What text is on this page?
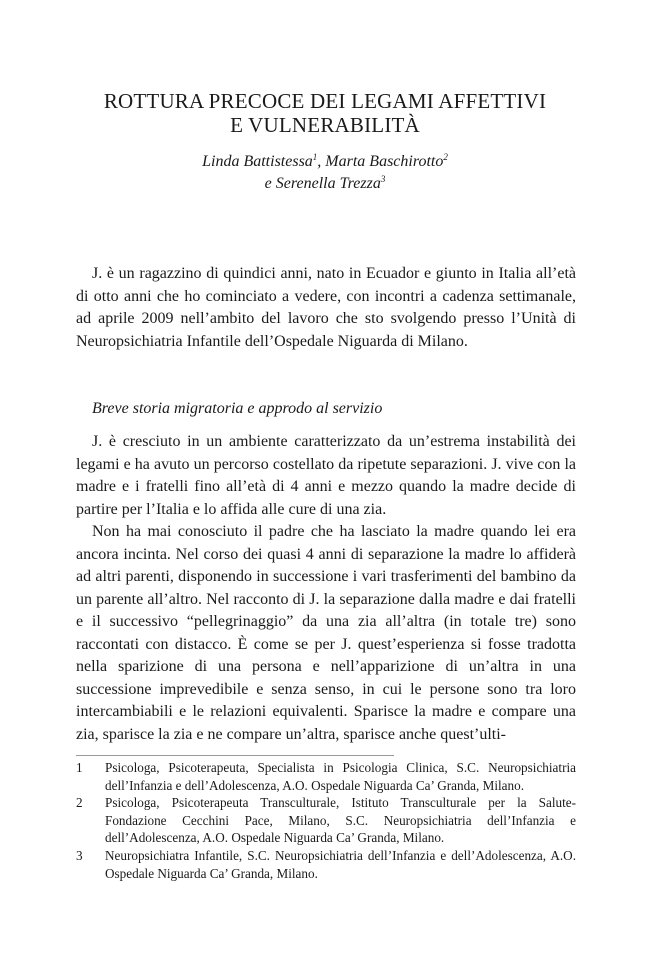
ROTTURA PRECOCE DEI LEGAMI AFFETTIVI
E VULNERABILITÀ
Linda Battistessa$^1$, Marta Baschirotto$^2$
e Serenella Trezza$^3$

J. è un ragazzino di quindici anni, nato in Ecuador e giunto in Italia all’età di otto anni che ho cominciato a vedere, con incontri a cadenza settimanale, ad aprile 2009 nell’ambito del lavoro che sto svolgendo presso l’Unità di Neuropsichiatria Infantile dell’Ospedale Niguarda di Milano.

Breve storia migratoria e approdo al servizio

J. è cresciuto in un ambiente caratterizzato da un’estrema instabilità dei legami e ha avuto un percorso costellato da ripetute separazioni. J. vive con la madre e i fratelli fino all’età di 4 anni e mezzo quando la madre decide di partire per l’Italia e lo affida alle cure di una zia.

Non ha mai conosciuto il padre che ha lasciato la madre quando lei era ancora incinta. Nel corso dei quasi 4 anni di separazione la madre lo affiderà ad altri parenti, disponendo in successione i vari trasferimenti del bambino da un parente all’altro. Nel racconto di J. la separazione dalla madre e dai fratelli e il successivo “pellegrinaggio” da una zia all’altra (in totale tre) sono raccontati con distacco. È come se per J. quest’esperienza si fosse tradotta nella sparizione di una persona e nell’apparizione di un’altra in una successione imprevedibile e senza senso, in cui le persone sono tra loro intercambiabili e le relazioni equivalenti. Sparisce la madre e compare una zia, sparisce la zia e ne compare un’altra, sparisce anche quest’ulti-

1	Psicologa, Psicoterapeuta, Specialista in Psicologia Clinica, S.C. Neuropsichiatria dell’Infanzia e dell’Adolescenza, A.O. Ospedale Niguarda Ca’ Granda, Milano.
2	Psicologa, Psicoterapeuta Transculturale, Istituto Transculturale per la Salute-Fondazione Cecchini Pace, Milano, S.C. Neuropsichiatria dell’Infanzia e dell’Adolescenza, A.O. Ospedale Niguarda Ca’ Granda, Milano.
3	Neuropsichiatra Infantile, S.C. Neuropsichiatria dell’Infanzia e dell’Adolescenza, A.O. Ospedale Niguarda Ca’ Granda, Milano.
